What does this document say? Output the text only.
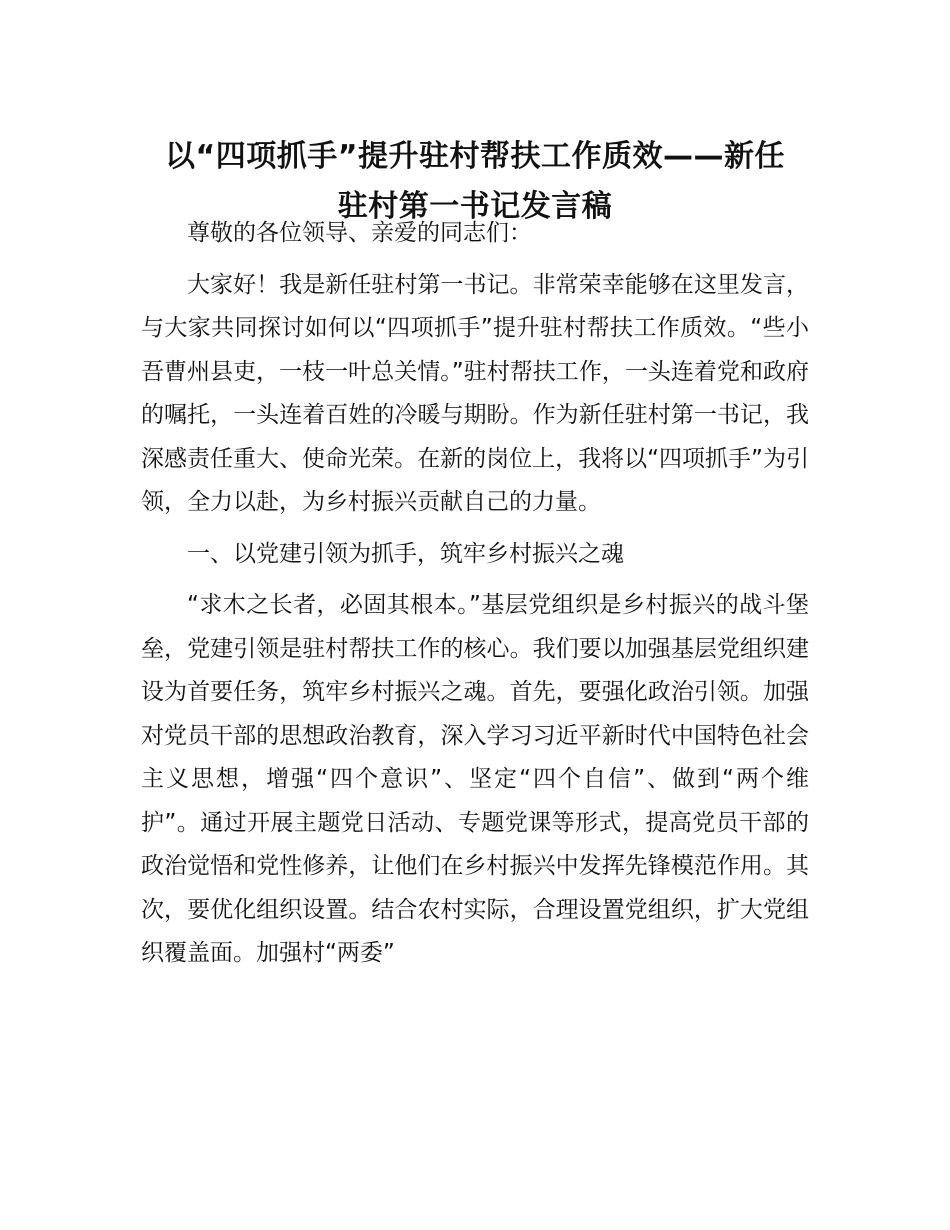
以“四项抓手”提升驻村帮扶工作质效——新任
驻村第一书记发言稿

尊敬的各位领导、亲爱的同志们：

大家好！我是新任驻村第一书记。非常荣幸能够在这里发言，与大家共同探讨如何以“四项抓手”提升驻村帮扶工作质效。“些小吾曹州县吏，一枝一叶总关情。”驻村帮扶工作，一头连着党和政府的嘱托，一头连着百姓的冷暖与期盼。作为新任驻村第一书记，我深感责任重大、使命光荣。在新的岗位上，我将以“四项抓手”为引领，全力以赴，为乡村振兴贡献自己的力量。

一、以党建引领为抓手，筑牢乡村振兴之魂

“求木之长者，必固其根本。”基层党组织是乡村振兴的战斗堡垒，党建引领是驻村帮扶工作的核心。我们要以加强基层党组织建设为首要任务，筑牢乡村振兴之魂。首先，要强化政治引领。加强对党员干部的思想政治教育，深入学习习近平新时代中国特色社会主义思想，增强“四个意识”、坚定“四个自信”、做到“两个维护”。通过开展主题党日活动、专题党课等形式，提高党员干部的政治觉悟和党性修养，让他们在乡村振兴中发挥先锋模范作用。其次，要优化组织设置。结合农村实际，合理设置党组织，扩大党组织覆盖面。加强村“两委”
